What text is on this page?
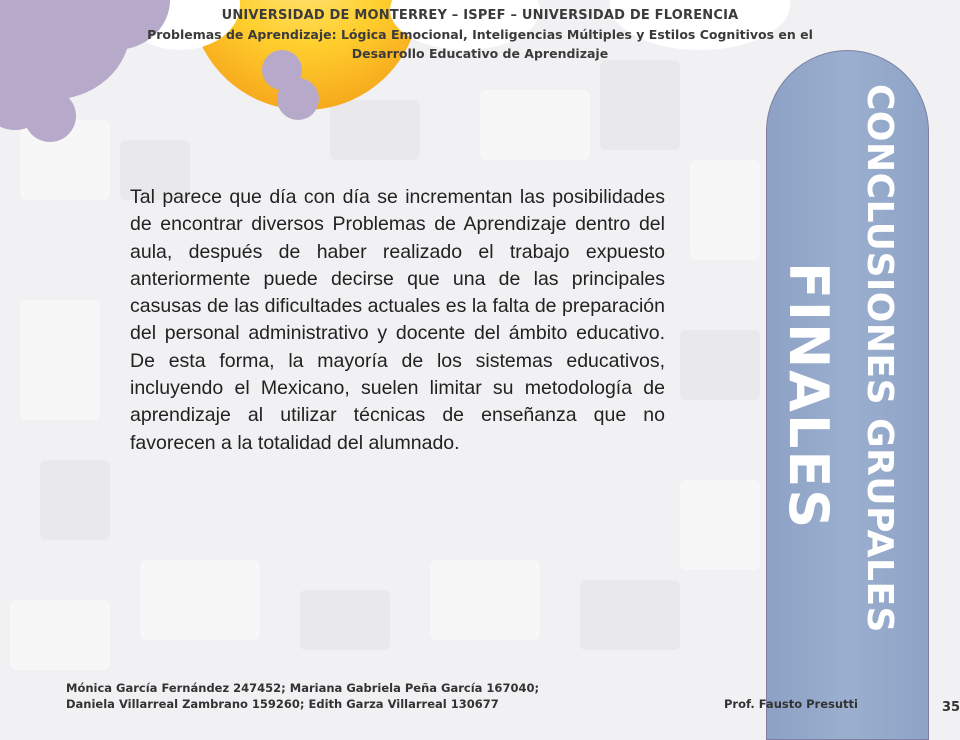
UNIVERSIDAD DE MONTERREY – ISPEF – UNIVERSIDAD DE FLORENCIA
Problemas de Aprendizaje: Lógica Emocional, Inteligencias Múltiples y Estilos Cognitivos en el
Desarrollo Educativo de Aprendizaje
CONCLUSIONES GRUPALES
FINALES

Tal parece que día con día se incrementan las posibilidades de encontrar diversos Problemas de Aprendizaje dentro del aula, después de haber realizado el trabajo expuesto anteriormente puede decirse que una de las principales casusas de las dificultades actuales es la falta de preparación del personal administrativo y docente del ámbito educativo. De esta forma, la mayoría de los sistemas educativos, incluyendo el Mexicano, suelen limitar su metodología de aprendizaje al utilizar técnicas de enseñanza que no favorecen a la totalidad del alumnado.

Mónica García Fernández 247452; Mariana Gabriela Peña García 167040;
Daniela Villarreal Zambrano 159260; Edith Garza Villarreal 130677	Prof. Fausto Presutti	35
